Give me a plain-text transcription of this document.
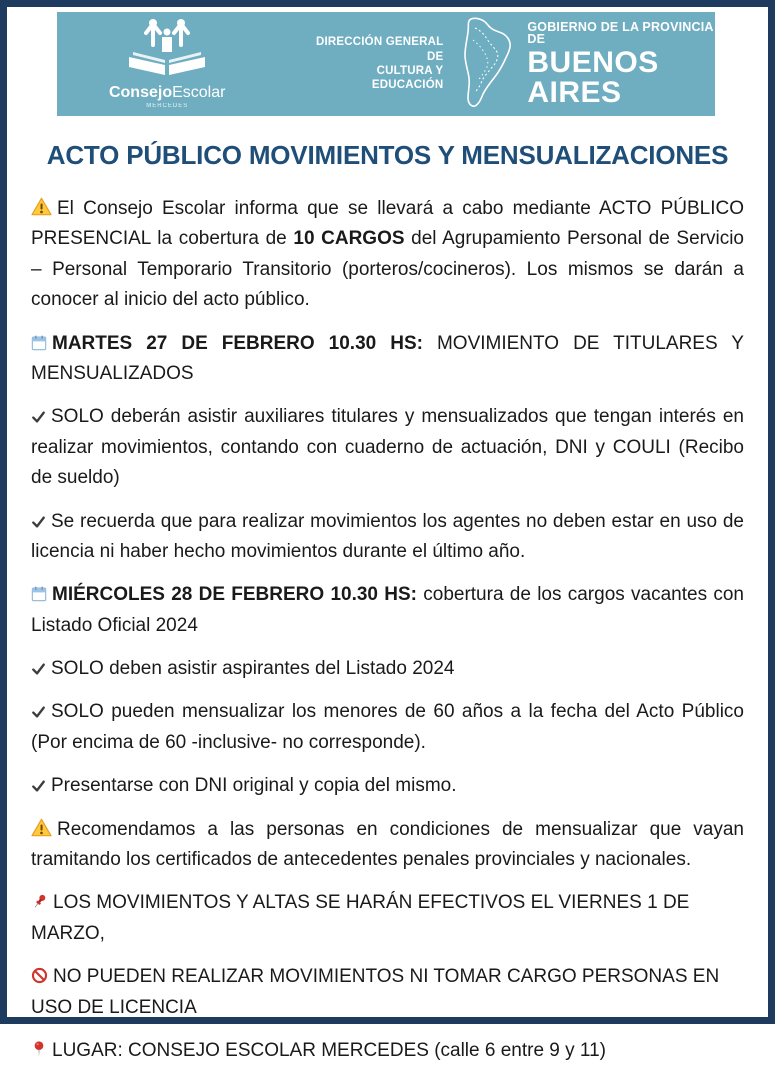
ConsejoEscolar
MERCEDES
DIRECCIÓN GENERAL DE
CULTURA Y EDUCACIÓN
GOBIERNO DE LA PROVINCIA DE
BUENOS AIRES
ACTO PÚBLICO MOVIMIENTOS Y MENSUALIZACIONES

El Consejo Escolar informa que se llevará a cabo mediante ACTO PÚBLICO PRESENCIAL la cobertura de 10 CARGOS del Agrupamiento Personal de Servicio – Personal Temporario Transitorio (porteros/cocineros). Los mismos se darán a conocer al inicio del acto público.

MARTES 27 DE FEBRERO 10.30 HS: MOVIMIENTO DE TITULARES Y MENSUALIZADOS

SOLO deberán asistir auxiliares titulares y mensualizados que tengan interés en realizar movimientos, contando con cuaderno de actuación, DNI y COULI (Recibo de sueldo)

Se recuerda que para realizar movimientos los agentes no deben estar en uso de licencia ni haber hecho movimientos durante el último año.

MIÉRCOLES 28 DE FEBRERO 10.30 HS: cobertura de los cargos vacantes con Listado Oficial 2024

SOLO deben asistir aspirantes del Listado 2024

SOLO pueden mensualizar los menores de 60 años a la fecha del Acto Público (Por encima de 60 -inclusive- no corresponde).

Presentarse con DNI original y copia del mismo.

Recomendamos a las personas en condiciones de mensualizar que vayan tramitando los certificados de antecedentes penales provinciales y nacionales.

LOS MOVIMIENTOS Y ALTAS SE HARÁN EFECTIVOS EL VIERNES 1 DE MARZO,

NO PUEDEN REALIZAR MOVIMIENTOS NI TOMAR CARGO PERSONAS EN USO DE LICENCIA

LUGAR: CONSEJO ESCOLAR MERCEDES (calle 6 entre 9 y 11)
